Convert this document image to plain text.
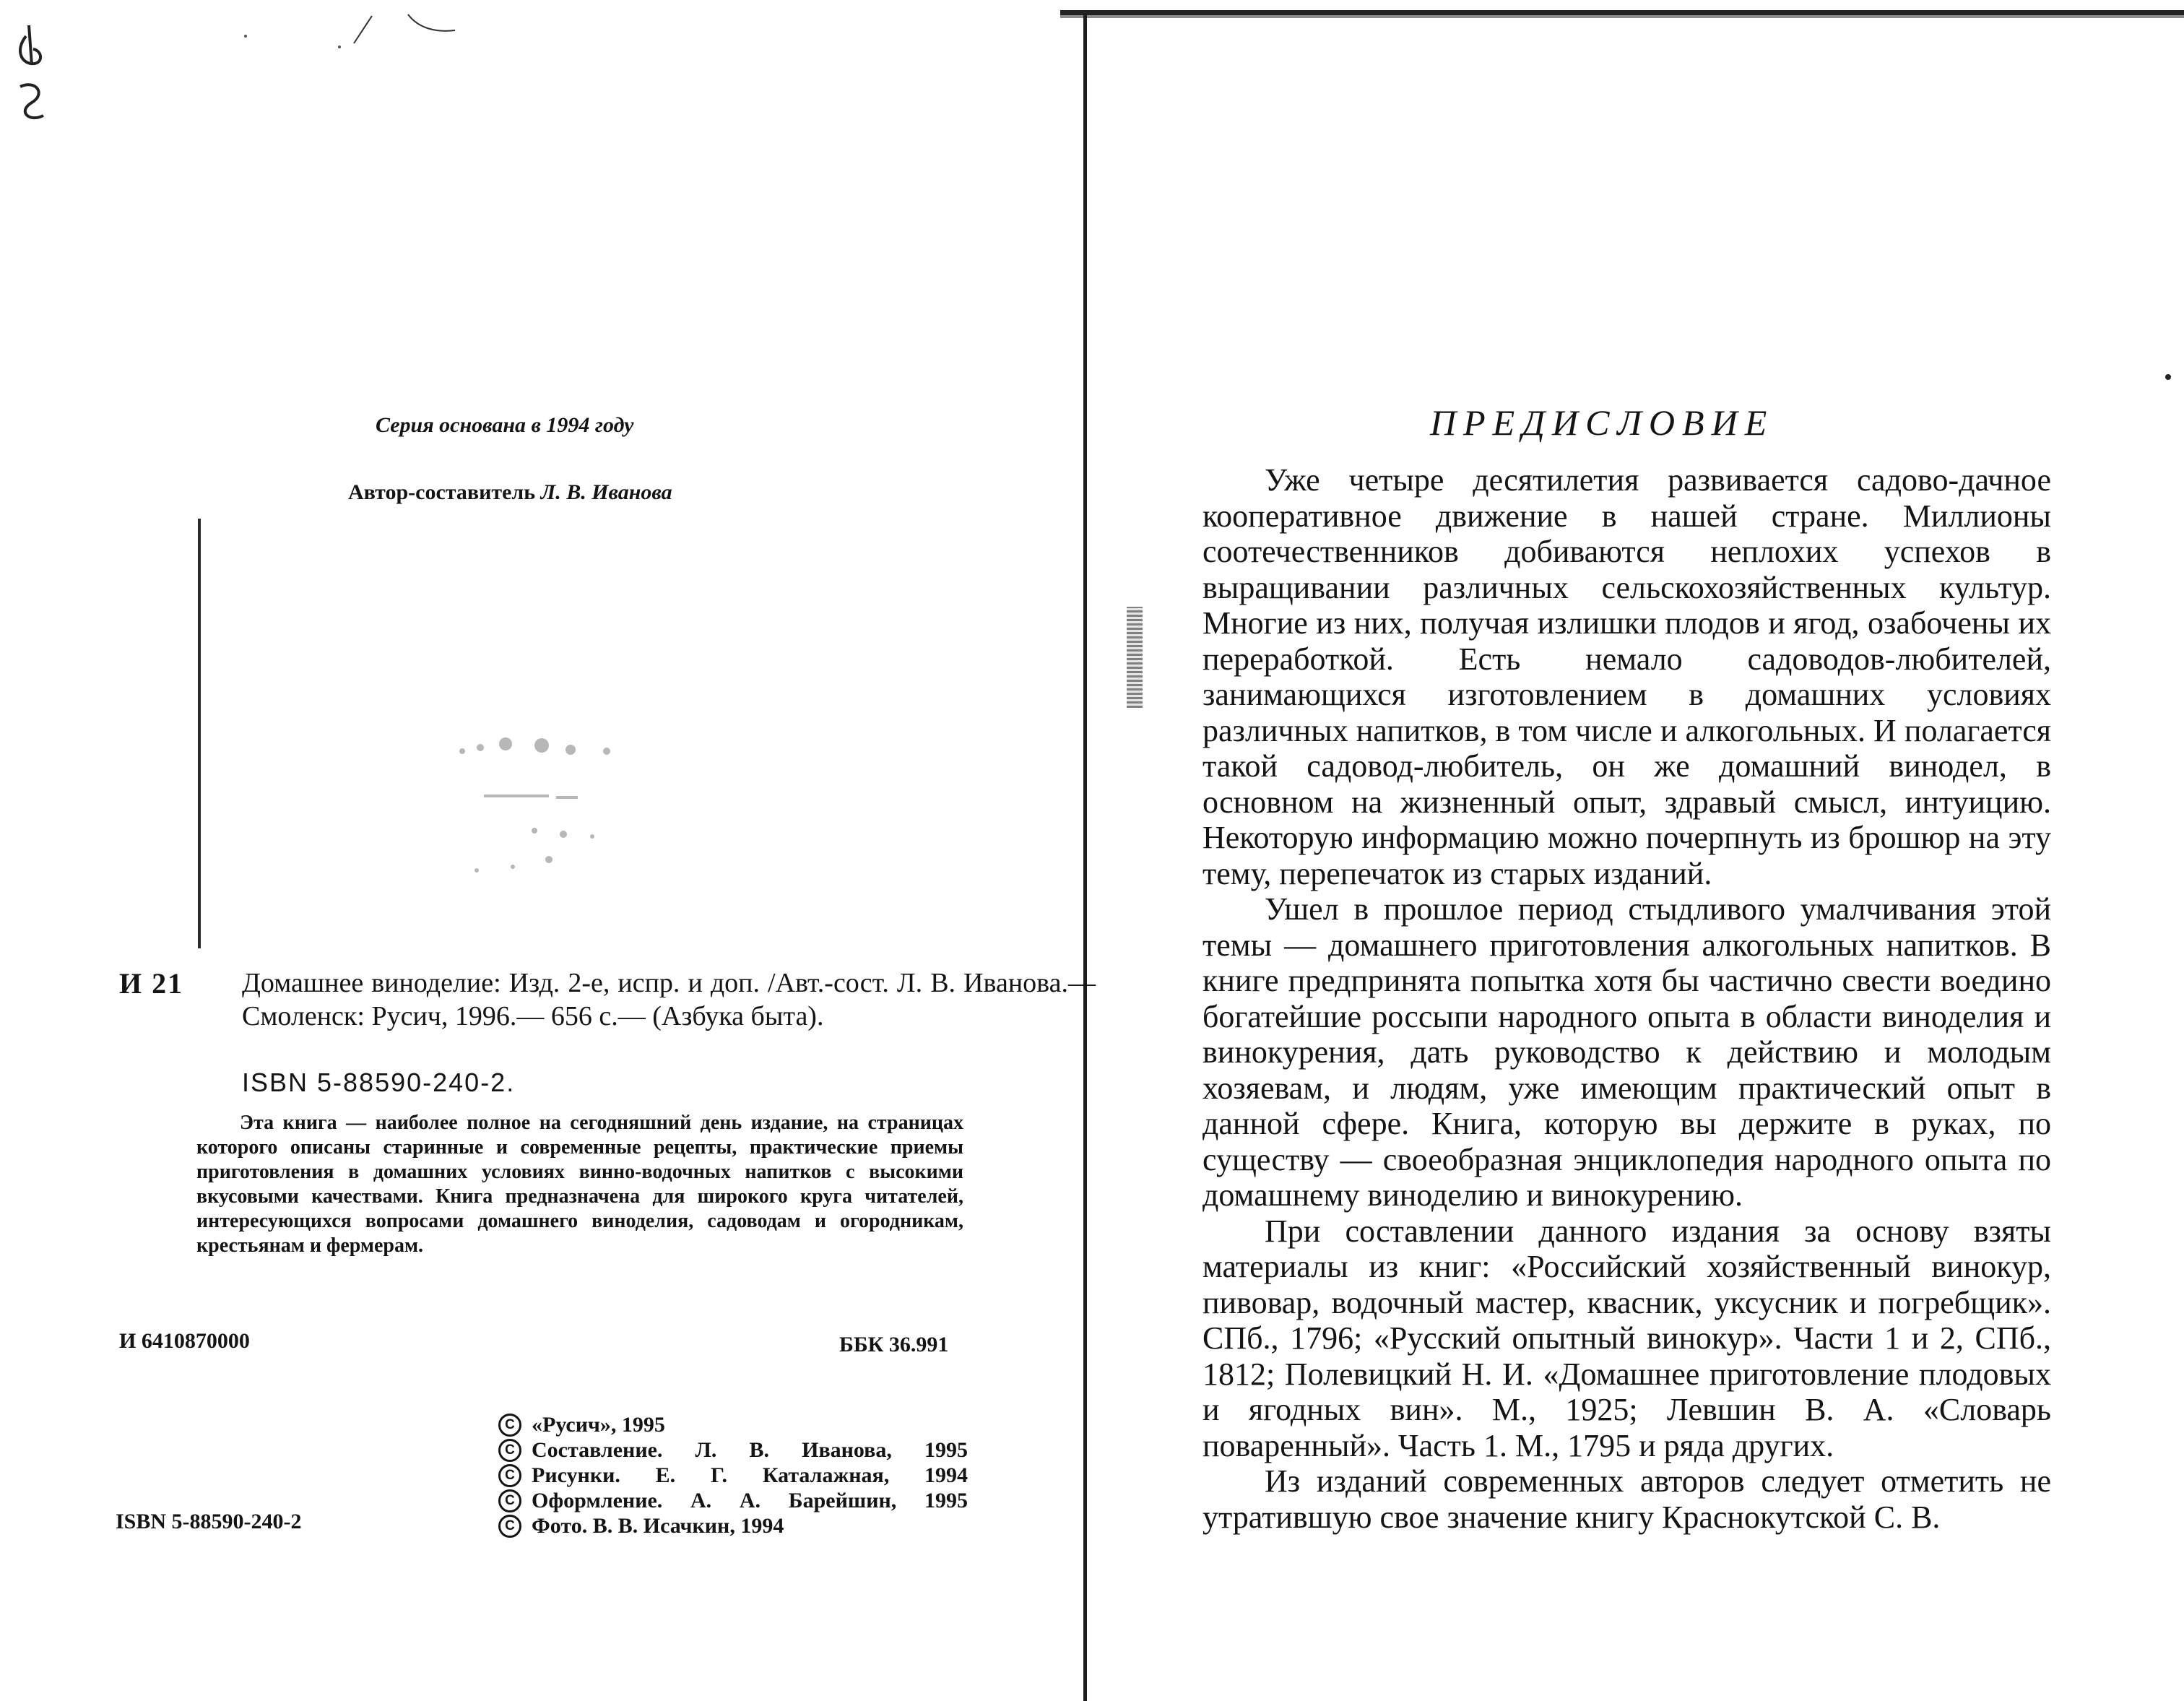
Серия основана в 1994 году
Автор-составитель Л. В. Иванова
И 21 Домашнее виноделие: Изд. 2-е, испр. и доп. /Авт.-сост. Л. В. Иванова.— Смоленск: Русич, 1996.— 656 с.— (Азбука быта).
ISBN 5-88590-240-2.
Эта книга — наиболее полное на сегодняшний день издание, на страницах которого описаны старинные и современные рецепты, практические приемы приготовления в домашних условиях винно-водочных напитков с высокими вкусовыми качествами. Книга предназначена для широкого круга читателей, интересующихся вопросами домашнего виноделия, садоводам и огородникам, крестьянам и фермерам.
И 6410870000	ББК 36.991
C «Русич», 1995
C Составление. Л. В. Иванова, 1995
C Рисунки. Е. Г. Каталажная, 1994
C Оформление. А. А. Барейшин, 1995
C Фото. В. В. Исачкин, 1994
ISBN 5-88590-240-2
ПРЕДИСЛОВИЕ

Уже четыре десятилетия развивается садово-дачное кооперативное движение в нашей стране. Миллионы соотечественников добиваются неплохих успехов в выращивании различных сельскохозяйственных культур. Многие из них, получая излишки плодов и ягод, озабочены их переработкой. Есть немало садоводов-любителей, занимающихся изготовлением в домашних условиях различных напитков, в том числе и алкогольных. И полагается такой садовод-любитель, он же домашний винодел, в основном на жизненный опыт, здравый смысл, интуицию. Некоторую информацию можно почерпнуть из брошюр на эту тему, перепечаток из старых изданий.

Ушел в прошлое период стыдливого умалчивания этой темы — домашнего приготовления алкогольных напитков. В книге предпринята попытка хотя бы частично свести воедино богатейшие россыпи народного опыта в области виноделия и винокурения, дать руководство к действию и молодым хозяевам, и людям, уже имеющим практический опыт в данной сфере. Книга, которую вы держите в руках, по существу — своеобразная энциклопедия народного опыта по домашнему виноделию и винокурению.

При составлении данного издания за основу взяты материалы из книг: «Российский хозяйственный винокур, пивовар, водочный мастер, квасник, уксусник и погребщик». СПб., 1796; «Русский опытный винокур». Части 1 и 2, СПб., 1812; Полевицкий Н. И. «Домашнее приготовление плодовых и ягодных вин». М., 1925; Левшин В. А. «Словарь поваренный». Часть 1. М., 1795 и ряда других.

Из изданий современных авторов следует отметить не утратившую свое значение книгу Краснокутской С. В.
